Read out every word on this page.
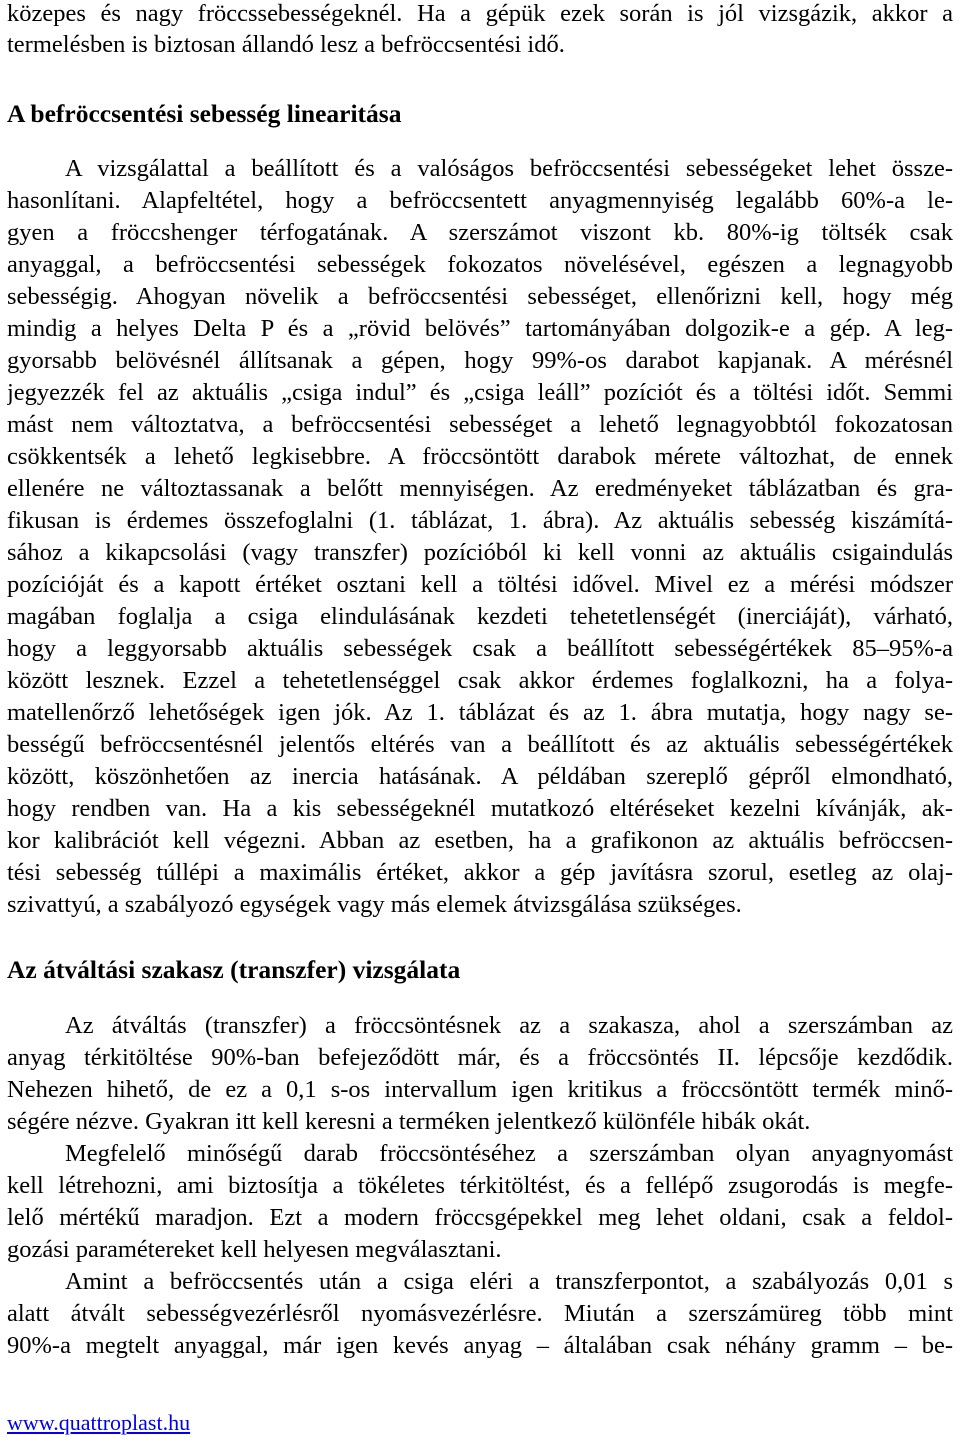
közepes és nagy fröccssebességeknél. Ha a gépük ezek során is jól vizsgázik, akkor a
termelésben is biztosan állandó lesz a befröccsentési idő.
A befröccsentési sebesség linearitása
A vizsgálattal a beállított és a valóságos befröccsentési sebességeket lehet össze-
hasonlítani. Alapfeltétel, hogy a befröccsentett anyagmennyiség legalább 60%-a le-
gyen a fröccshenger térfogatának. A szerszámot viszont kb. 80%-ig töltsék csak
anyaggal, a befröccsentési sebességek fokozatos növelésével, egészen a legnagyobb
sebességig. Ahogyan növelik a befröccsentési sebességet, ellenőrizni kell, hogy még
mindig a helyes Delta P és a „rövid belövés” tartományában dolgozik-e a gép. A leg-
gyorsabb belövésnél állítsanak a gépen, hogy 99%-os darabot kapjanak. A mérésnél
jegyezzék fel az aktuális „csiga indul” és „csiga leáll” pozíciót és a töltési időt. Semmi
mást nem változtatva, a befröccsentési sebességet a lehető legnagyobbtól fokozatosan
csökkentsék a lehető legkisebbre. A fröccsöntött darabok mérete változhat, de ennek
ellenére ne változtassanak a belőtt mennyiségen. Az eredményeket táblázatban és gra-
fikusan is érdemes összefoglalni (1. táblázat, 1. ábra). Az aktuális sebesség kiszámítá-
sához a kikapcsolási (vagy transzfer) pozícióból ki kell vonni az aktuális csigaindulás
pozícióját és a kapott értéket osztani kell a töltési idővel. Mivel ez a mérési módszer
magában foglalja a csiga elindulásának kezdeti tehetetlenségét (inerciáját), várható,
hogy a leggyorsabb aktuális sebességek csak a beállított sebességértékek 85–95%-a
között lesznek. Ezzel a tehetetlenséggel csak akkor érdemes foglalkozni, ha a folya-
matellenőrző lehetőségek igen jók. Az 1. táblázat és az 1. ábra mutatja, hogy nagy se-
bességű befröccsentésnél jelentős eltérés van a beállított és az aktuális sebességértékek
között, köszönhetően az inercia hatásának. A példában szereplő gépről elmondható,
hogy rendben van. Ha a kis sebességeknél mutatkozó eltéréseket kezelni kívánják, ak-
kor kalibrációt kell végezni. Abban az esetben, ha a grafikonon az aktuális befröccsen-
tési sebesség túllépi a maximális értéket, akkor a gép javításra szorul, esetleg az olaj-
szivattyú, a szabályozó egységek vagy más elemek átvizsgálása szükséges.
Az átváltási szakasz (transzfer) vizsgálata
Az átváltás (transzfer) a fröccsöntésnek az a szakasza, ahol a szerszámban az
anyag térkitöltése 90%-ban befejeződött már, és a fröccsöntés II. lépcsője kezdődik.
Nehezen hihető, de ez a 0,1 s-os intervallum igen kritikus a fröccsöntött termék minő-
ségére nézve. Gyakran itt kell keresni a terméken jelentkező különféle hibák okát.
Megfelelő minőségű darab fröccsöntéséhez a szerszámban olyan anyagnyomást
kell létrehozni, ami biztosítja a tökéletes térkitöltést, és a fellépő zsugorodás is megfe-
lelő mértékű maradjon. Ezt a modern fröccsgépekkel meg lehet oldani, csak a feldol-
gozási paramétereket kell helyesen megválasztani.
Amint a befröccsentés után a csiga eléri a transzferpontot, a szabályozás 0,01 s
alatt átvált sebességvezérlésről nyomásvezérlésre. Miután a szerszámüreg több mint
90%-a megtelt anyaggal, már igen kevés anyag – általában csak néhány gramm – be-
www.quattroplast.hu
